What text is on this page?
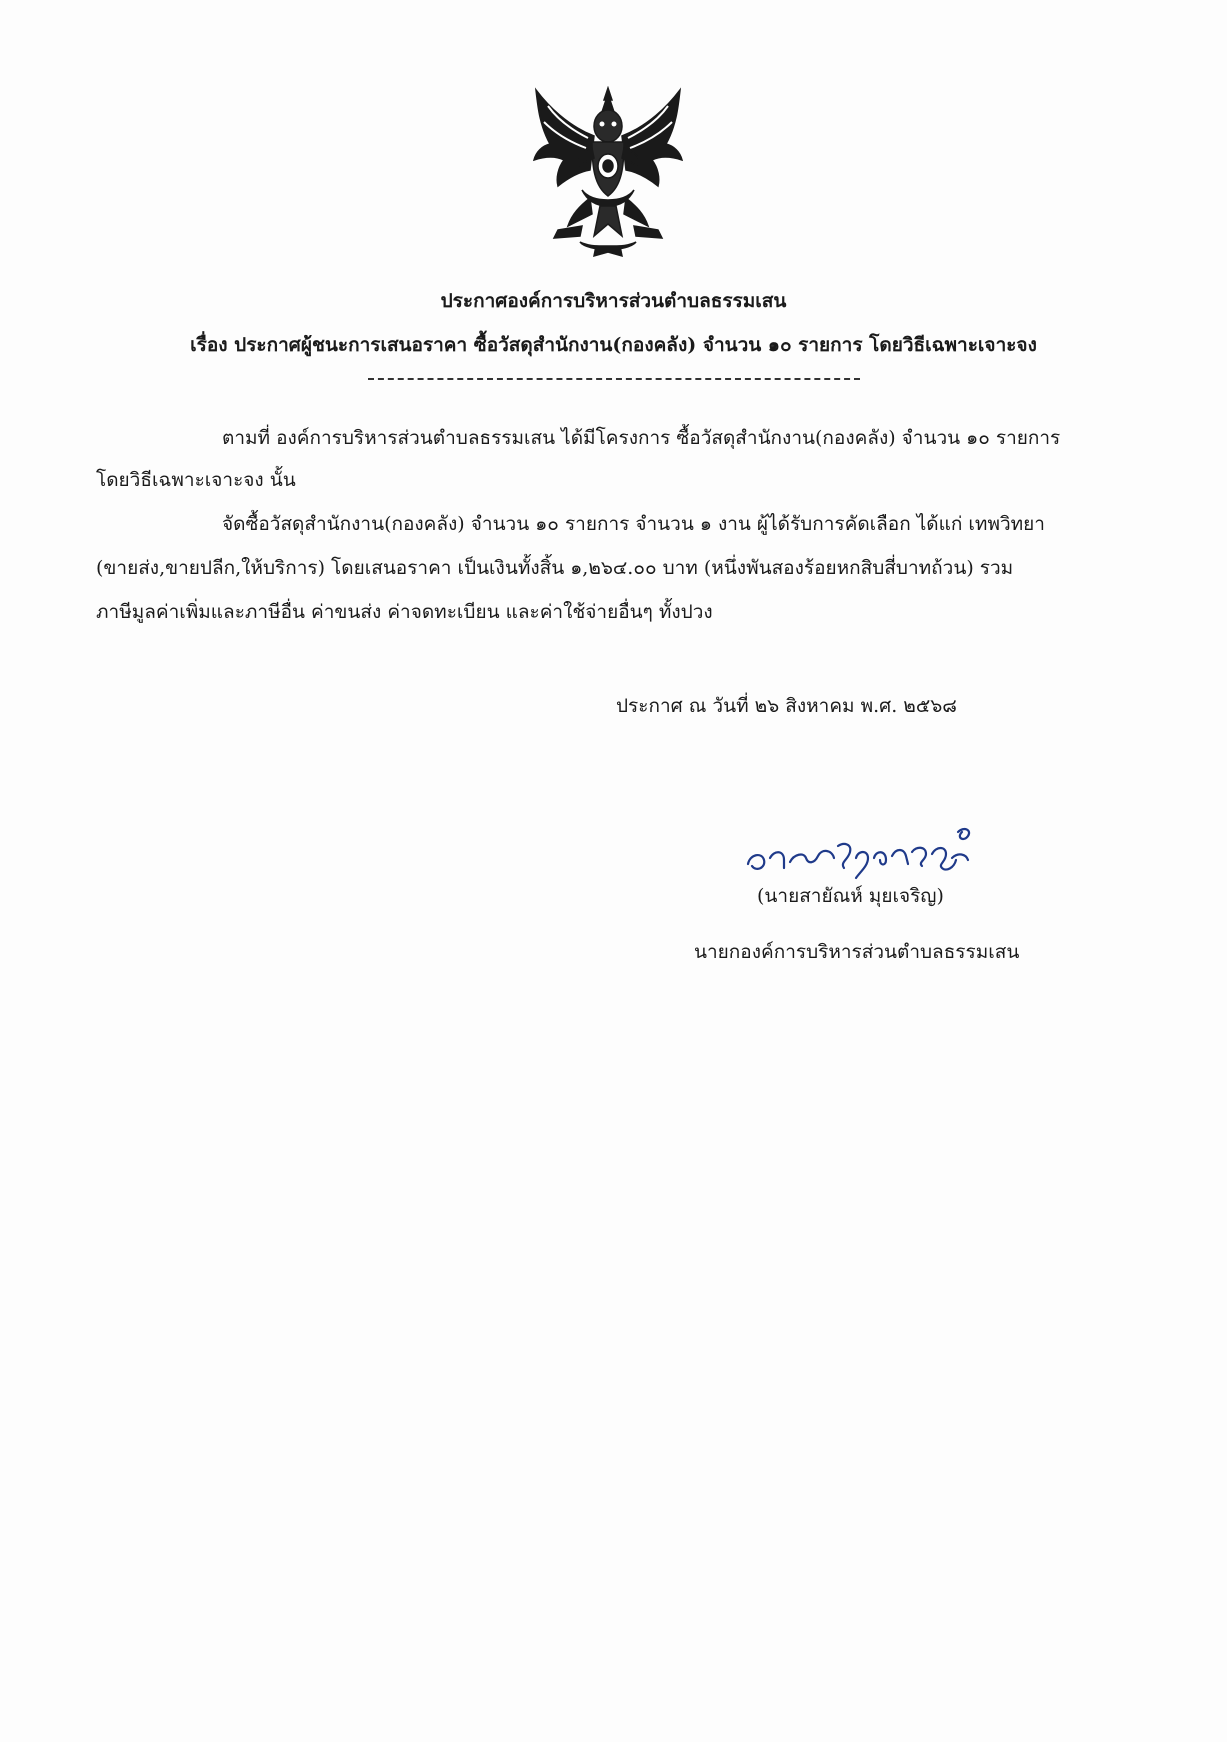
ประกาศองค์การบริหารส่วนตำบลธรรมเสน
เรื่อง ประกาศผู้ชนะการเสนอราคา ซื้อวัสดุสำนักงาน(กองคลัง) จำนวน ๑๐ รายการ โดยวิธีเฉพาะเจาะจง
ตามที่ องค์การบริหารส่วนตำบลธรรมเสน ได้มีโครงการ ซื้อวัสดุสำนักงาน(กองคลัง) จำนวน ๑๐ รายการ
โดยวิธีเฉพาะเจาะจง นั้น
จัดซื้อวัสดุสำนักงาน(กองคลัง) จำนวน ๑๐ รายการ จำนวน ๑ งาน ผู้ได้รับการคัดเลือก ได้แก่ เทพวิทยา
(ขายส่ง,ขายปลีก,ให้บริการ) โดยเสนอราคา เป็นเงินทั้งสิ้น ๑,๒๖๔.๐๐ บาท (หนึ่งพันสองร้อยหกสิบสี่บาทถ้วน) รวม
ภาษีมูลค่าเพิ่มและภาษีอื่น ค่าขนส่ง ค่าจดทะเบียน และค่าใช้จ่ายอื่นๆ ทั้งปวง
ประกาศ ณ วันที่ ๒๖ สิงหาคม พ.ศ. ๒๕๖๘
(นายสายัณห์ มุยเจริญ)
นายกองค์การบริหารส่วนตำบลธรรมเสน
